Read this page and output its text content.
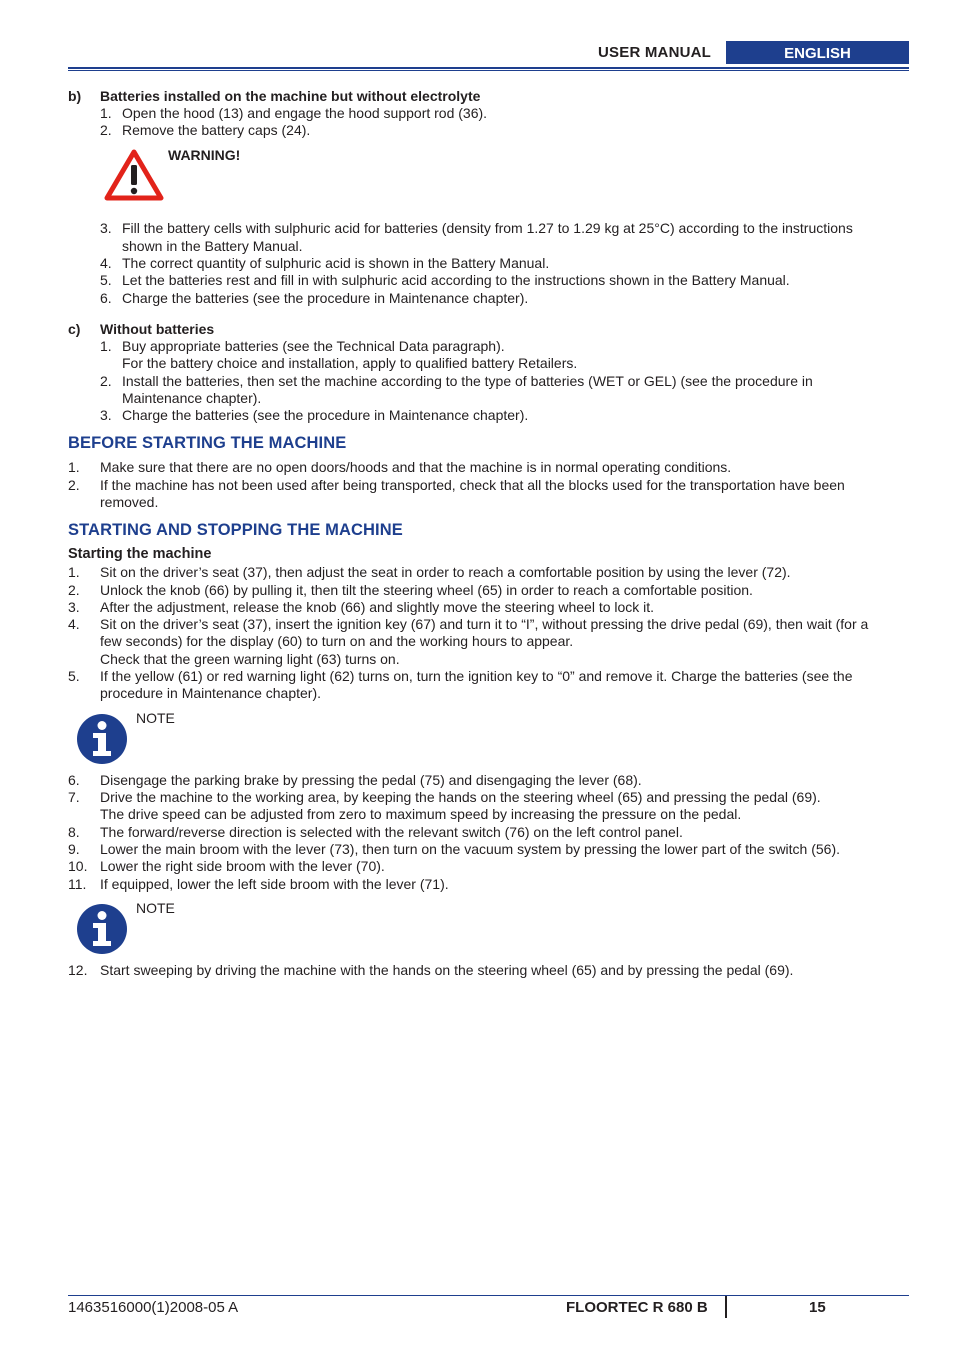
USER MANUAL	ENGLISH
b) Batteries installed on the machine but without electrolyte
1. Open the hood (13) and engage the hood support rod (36).
2. Remove the battery caps (24).
WARNING!
3. Fill the battery cells with sulphuric acid for batteries (density from 1.27 to 1.29 kg at 25°C) according to the instructions
shown in the Battery Manual.
4. The correct quantity of sulphuric acid is shown in the Battery Manual.
5. Let the batteries rest and fill in with sulphuric acid according to the instructions shown in the Battery Manual.
6. Charge the batteries (see the procedure in Maintenance chapter).
c) Without batteries
1. Buy appropriate batteries (see the Technical Data paragraph).
For the battery choice and installation, apply to qualified battery Retailers.
2. Install the batteries, then set the machine according to the type of batteries (WET or GEL) (see the procedure in
Maintenance chapter).
3. Charge the batteries (see the procedure in Maintenance chapter).
BEFORE STARTING THE MACHINE
1. Make sure that there are no open doors/hoods and that the machine is in normal operating conditions.
2. If the machine has not been used after being transported, check that all the blocks used for the transportation have been
removed.
STARTING AND STOPPING THE MACHINE
Starting the machine
1. Sit on the driver’s seat (37), then adjust the seat in order to reach a comfortable position by using the lever (72).
2. Unlock the knob (66) by pulling it, then tilt the steering wheel (65) in order to reach a comfortable position.
3. After the adjustment, release the knob (66) and slightly move the steering wheel to lock it.
4. Sit on the driver’s seat (37), insert the ignition key (67) and turn it to “I”, without pressing the drive pedal (69), then wait (for a
few seconds) for the display (60) to turn on and the working hours to appear.
Check that the green warning light (63) turns on.
5. If the yellow (61) or red warning light (62) turns on, turn the ignition key to “0” and remove it. Charge the batteries (see the
procedure in Maintenance chapter).
NOTE
6. Disengage the parking brake by pressing the pedal (75) and disengaging the lever (68).
7. Drive the machine to the working area, by keeping the hands on the steering wheel (65) and pressing the pedal (69).
The drive speed can be adjusted from zero to maximum speed by increasing the pressure on the pedal.
8. The forward/reverse direction is selected with the relevant switch (76) on the left control panel.
9. Lower the main broom with the lever (73), then turn on the vacuum system by pressing the lower part of the switch (56).
10. Lower the right side broom with the lever (70).
11. If equipped, lower the left side broom with the lever (71).
NOTE
12. Start sweeping by driving the machine with the hands on the steering wheel (65) and by pressing the pedal (69).
1463516000(1)2008-05 A	FLOORTEC R 680 B	15
